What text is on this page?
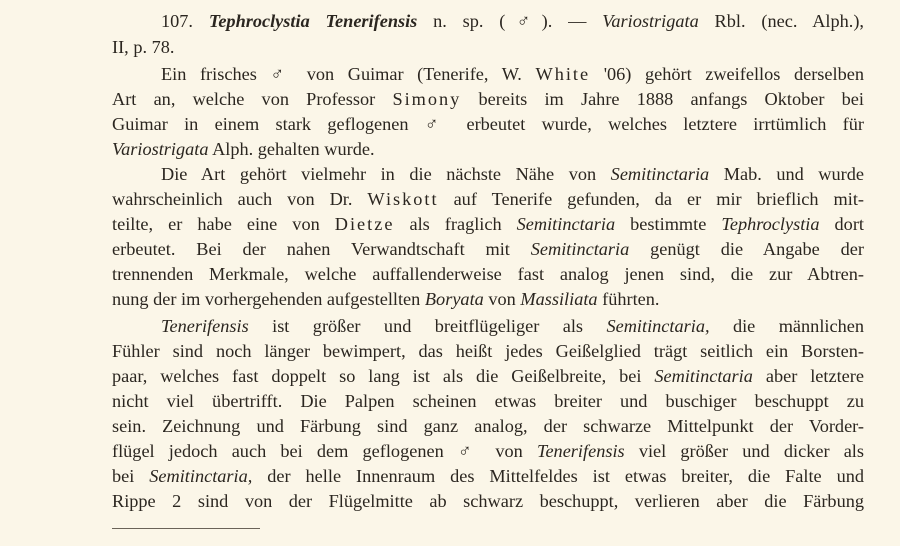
107. Tephroclystia Tenerifensis n. sp. (♂). — Variostrigata Rbl. (nec. Alph.),
II, p. 78.
Ein frisches ♂ von Guimar (Tenerife, W. White '06) gehört zweifellos derselben
Art an, welche von Professor Simony bereits im Jahre 1888 anfangs Oktober bei
Guimar in einem stark geflogenen ♂ erbeutet wurde, welches letztere irrtümlich für
Variostrigata Alph. gehalten wurde.
Die Art gehört vielmehr in die nächste Nähe von Semitinctaria Mab. und wurde
wahrscheinlich auch von Dr. Wiskott auf Tenerife gefunden, da er mir brieflich mit-
teilte, er habe eine von Dietze als fraglich Semitinctaria bestimmte Tephroclystia dort
erbeutet. Bei der nahen Verwandtschaft mit Semitinctaria genügt die Angabe der
trennenden Merkmale, welche auffallenderweise fast analog jenen sind, die zur Abtren-
nung der im vorhergehenden aufgestellten Boryata von Massiliata führten.
Tenerifensis ist größer und breitflügeliger als Semitinctaria, die männlichen
Fühler sind noch länger bewimpert, das heißt jedes Geißelglied trägt seitlich ein Borsten-
paar, welches fast doppelt so lang ist als die Geißelbreite, bei Semitinctaria aber letztere
nicht viel übertrifft. Die Palpen scheinen etwas breiter und buschiger beschuppt zu
sein. Zeichnung und Färbung sind ganz analog, der schwarze Mittelpunkt der Vorder-
flügel jedoch auch bei dem geflogenen ♂ von Tenerifensis viel größer und dicker als
bei Semitinctaria, der helle Innenraum des Mittelfeldes ist etwas breiter, die Falte und
Rippe 2 sind von der Flügelmitte ab schwarz beschuppt, verlieren aber die Färbung
